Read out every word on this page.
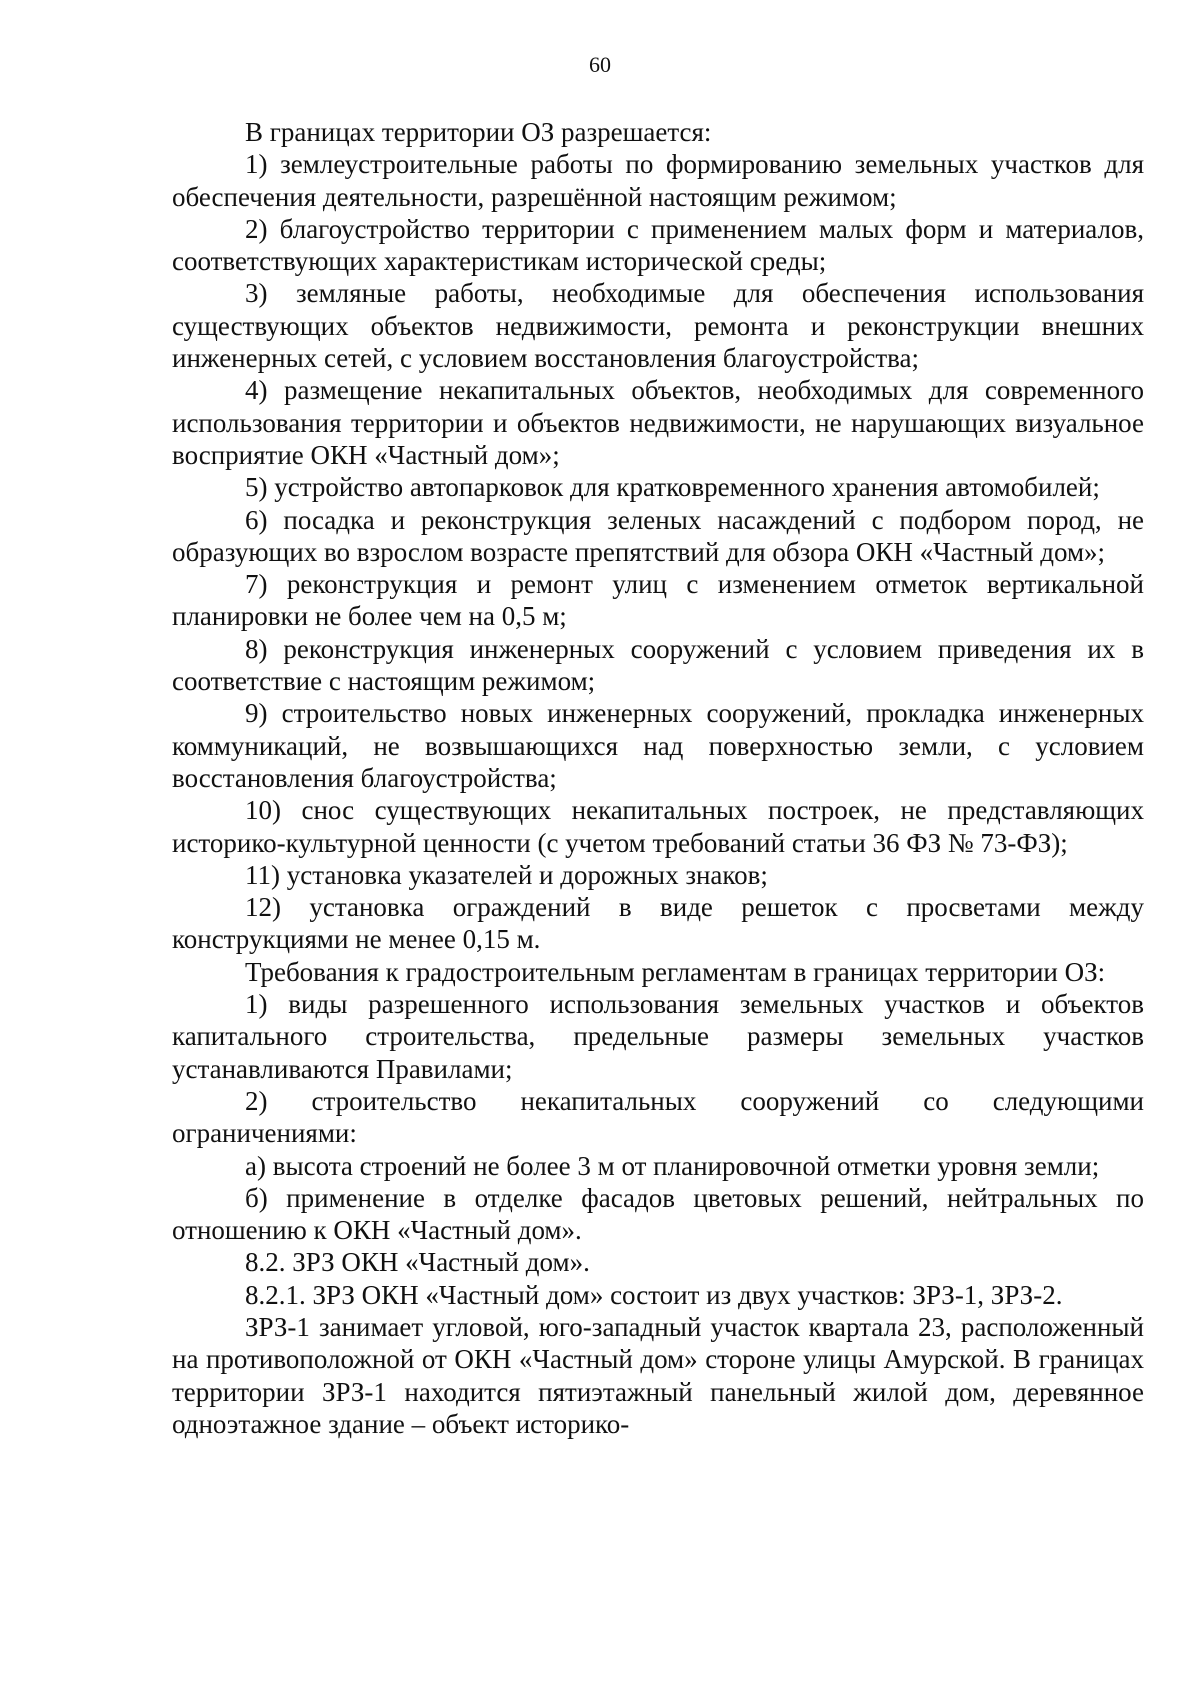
60

В границах территории ОЗ разрешается:

1) землеустроительные работы по формированию земельных участков для обеспечения деятельности, разрешённой настоящим режимом;

2) благоустройство территории с применением малых форм и материалов, соответствующих характеристикам исторической среды;

3) земляные работы, необходимые для обеспечения использования существующих объектов недвижимости, ремонта и реконструкции внешних инженерных сетей, с условием восстановления благоустройства;

4) размещение некапитальных объектов, необходимых для современного использования территории и объектов недвижимости, не нарушающих визуальное восприятие ОКН «Частный дом»;

5) устройство автопарковок для кратковременного хранения автомобилей;

6) посадка и реконструкция зеленых насаждений с подбором пород, не образующих во взрослом возрасте препятствий для обзора ОКН «Частный дом»;

7) реконструкция и ремонт улиц с изменением отметок вертикальной планировки не более чем на 0,5 м;

8) реконструкция инженерных сооружений с условием приведения их в соответствие с настоящим режимом;

9) строительство новых инженерных сооружений, прокладка инженерных коммуникаций, не возвышающихся над поверхностью земли, с условием восстановления благоустройства;

10) снос существующих некапитальных построек, не представляющих историко-культурной ценности (с учетом требований статьи 36 ФЗ № 73-ФЗ);

11) установка указателей и дорожных знаков;

12) установка ограждений в виде решеток с просветами между конструкциями не менее 0,15 м.

Требования к градостроительным регламентам в границах территории ОЗ:

1) виды разрешенного использования земельных участков и объектов капитального строительства, предельные размеры земельных участков устанавливаются Правилами;

2) строительство некапитальных сооружений со следующими ограничениями:

а) высота строений не более 3 м от планировочной отметки уровня земли;

б) применение в отделке фасадов цветовых решений, нейтральных по отношению к ОКН «Частный дом».

8.2. ЗРЗ ОКН «Частный дом».

8.2.1. ЗРЗ ОКН «Частный дом» состоит из двух участков: ЗРЗ-1, ЗРЗ-2.

ЗРЗ-1 занимает угловой, юго-западный участок квартала 23, расположенный на противоположной от ОКН «Частный дом» стороне улицы Амурской. В границах территории ЗРЗ-1 находится пятиэтажный панельный жилой дом, деревянное одноэтажное здание – объект историко-
